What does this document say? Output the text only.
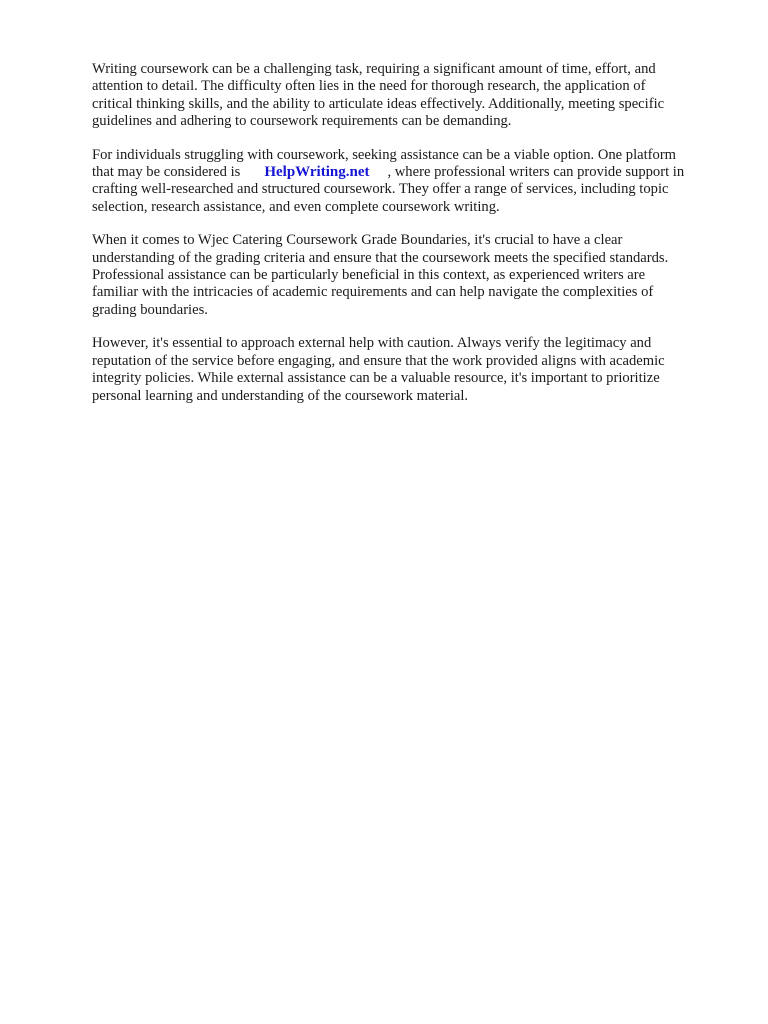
Writing coursework can be a challenging task, requiring a significant amount of time, effort, and
attention to detail. The difficulty often lies in the need for thorough research, the application of
critical thinking skills, and the ability to articulate ideas effectively. Additionally, meeting specific
guidelines and adhering to coursework requirements can be demanding.

For individuals struggling with coursework, seeking assistance can be a viable option. One platform
that may be considered is HelpWriting.net , where professional writers can provide support in
crafting well-researched and structured coursework. They offer a range of services, including topic
selection, research assistance, and even complete coursework writing.

When it comes to Wjec Catering Coursework Grade Boundaries, it's crucial to have a clear
understanding of the grading criteria and ensure that the coursework meets the specified standards.
Professional assistance can be particularly beneficial in this context, as experienced writers are
familiar with the intricacies of academic requirements and can help navigate the complexities of
grading boundaries.

However, it's essential to approach external help with caution. Always verify the legitimacy and
reputation of the service before engaging, and ensure that the work provided aligns with academic
integrity policies. While external assistance can be a valuable resource, it's important to prioritize
personal learning and understanding of the coursework material.
